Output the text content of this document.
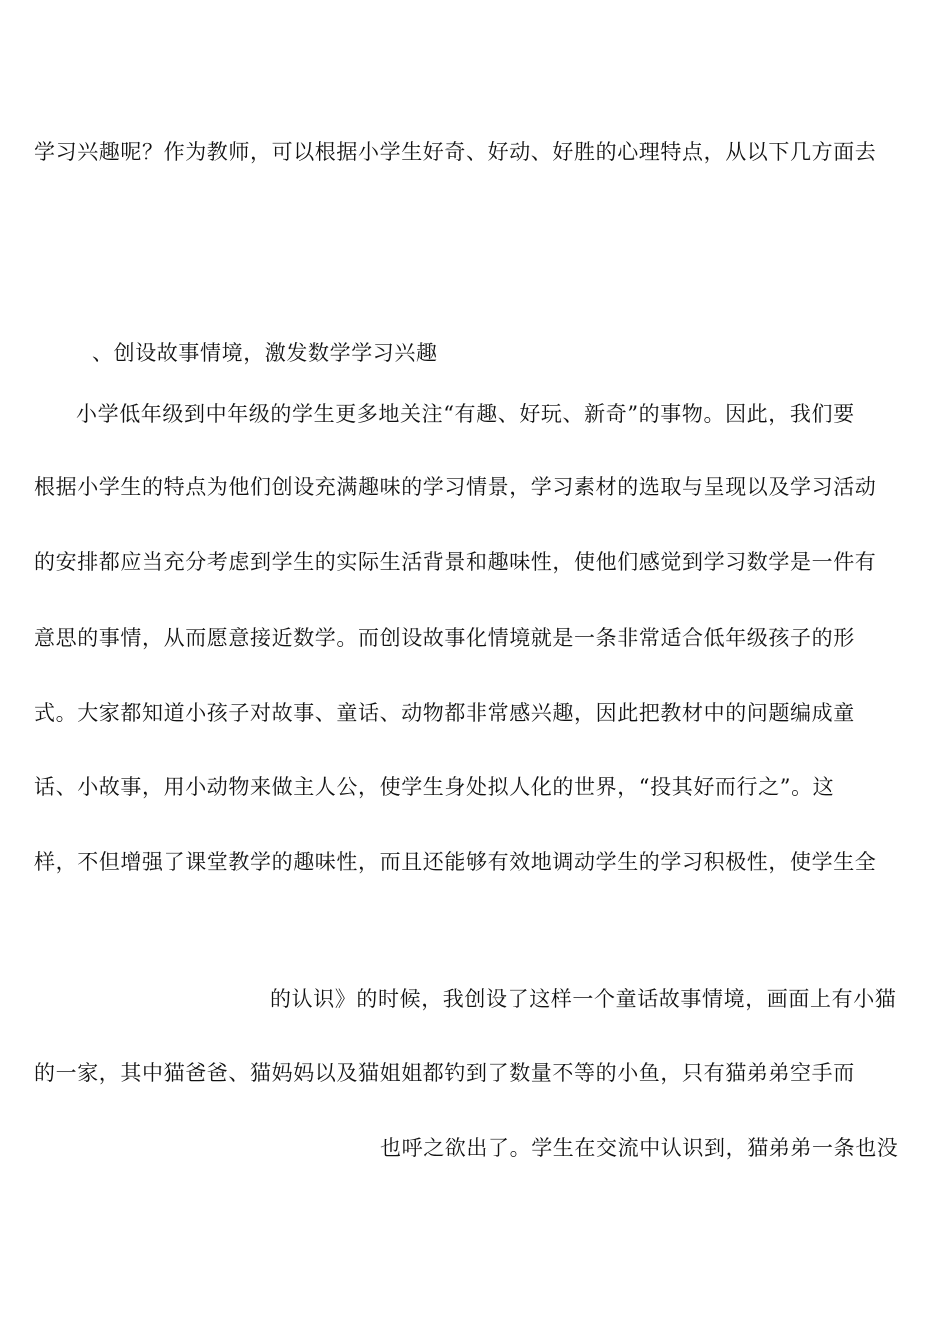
学习兴趣呢？作为教师，可以根据小学生好奇、好动、好胜的心理特点，从以下几方面去
、创设故事情境，激发数学学习兴趣
小学低年级到中年级的学生更多地关注“有趣、好玩、新奇”的事物。因此，我们要
根据小学生的特点为他们创设充满趣味的学习情景，学习素材的选取与呈现以及学习活动
的安排都应当充分考虑到学生的实际生活背景和趣味性，使他们感觉到学习数学是一件有
意思的事情，从而愿意接近数学。而创设故事化情境就是一条非常适合低年级孩子的形
式。大家都知道小孩子对故事、童话、动物都非常感兴趣，因此把教材中的问题编成童
话、小故事，用小动物来做主人公，使学生身处拟人化的世界，“投其好而行之”。这
样，不但增强了课堂教学的趣味性，而且还能够有效地调动学生的学习积极性，使学生全
的认识》的时候，我创设了这样一个童话故事情境，画面上有小猫
的一家，其中猫爸爸、猫妈妈以及猫姐姐都钓到了数量不等的小鱼，只有猫弟弟空手而
也呼之欲出了。学生在交流中认识到，猫弟弟一条也没
